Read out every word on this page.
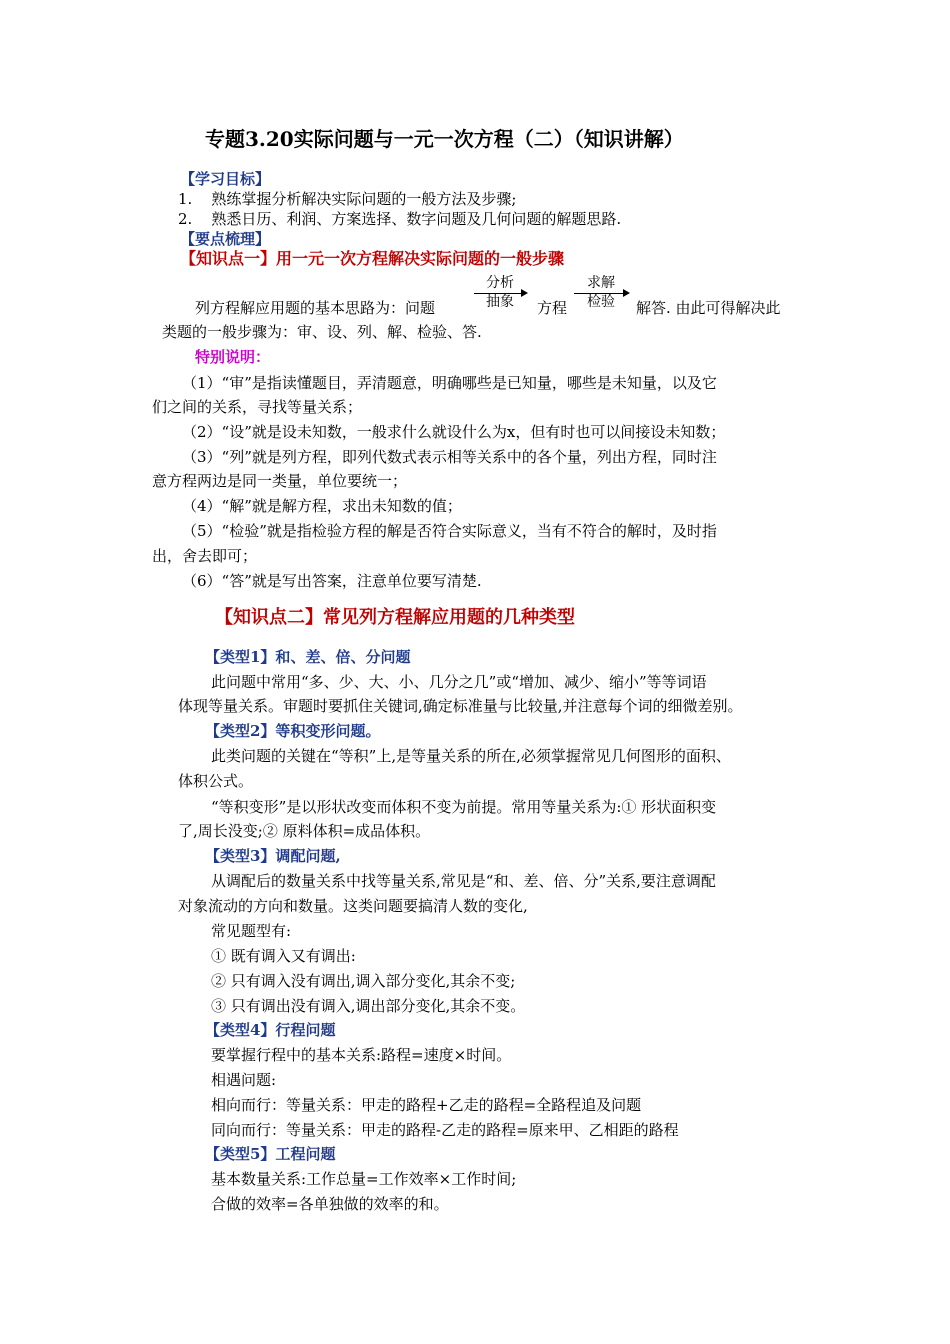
专题3.20实际问题与一元一次方程（二）（知识讲解）
【学习目标】
1.    熟练掌握分析解决实际问题的一般方法及步骤;
2.    熟悉日历、利润、方案选择、数字问题及几何问题的解题思路.
【要点梳理】
【知识点一】用一元一次方程解决实际问题的一般步骤
列方程解应用题的基本思路为：问题
分析
抽象	方程
求解
检验	解答. 由此可得解决此
类题的一般步骤为：审、设、列、解、检验、答.
特别说明：
（1）“审”是指读懂题目，弄清题意，明确哪些是已知量，哪些是未知量，以及它
们之间的关系，寻找等量关系；
（2）“设”就是设未知数，一般求什么就设什么为x，但有时也可以间接设未知数；
（3）“列”就是列方程，即列代数式表示相等关系中的各个量，列出方程，同时注
意方程两边是同一类量，单位要统一；
（4）“解”就是解方程，求出未知数的值；
（5）“检验”就是指检验方程的解是否符合实际意义，当有不符合的解时，及时指
出，舍去即可；
（6）“答”就是写出答案，注意单位要写清楚.
【知识点二】常见列方程解应用题的几种类型
【类型1】和、差、倍、分问题
此问题中常用“多、少、大、小、几分之几”或“增加、减少、缩小”等等词语
体现等量关系。审题时要抓住关键词,确定标准量与比较量,并注意每个词的细微差别。
【类型2】等积变形问题。
此类问题的关键在“等积”上,是等量关系的所在,必须掌握常见几何图形的面积、
体积公式。
“等积变形”是以形状改变而体积不变为前提。常用等量关系为:① 形状面积变
了,周长没变;② 原料体积=成品体积。
【类型3】调配问题,
从调配后的数量关系中找等量关系,常见是“和、差、倍、分”关系,要注意调配
对象流动的方向和数量。这类问题要搞清人数的变化,
常见题型有:
① 既有调入又有调出:
② 只有调入没有调出,调入部分变化,其余不变;
③ 只有调出没有调入,调出部分变化,其余不变。
【类型4】行程问题
要掌握行程中的基本关系:路程=速度×时间。
相遇问题:
相向而行：等量关系：甲走的路程+乙走的路程=全路程追及问题
同向而行：等量关系：甲走的路程-乙走的路程=原来甲、乙相距的路程
【类型5】工程问题
基本数量关系:工作总量=工作效率×工作时间;
合做的效率=各单独做的效率的和。
